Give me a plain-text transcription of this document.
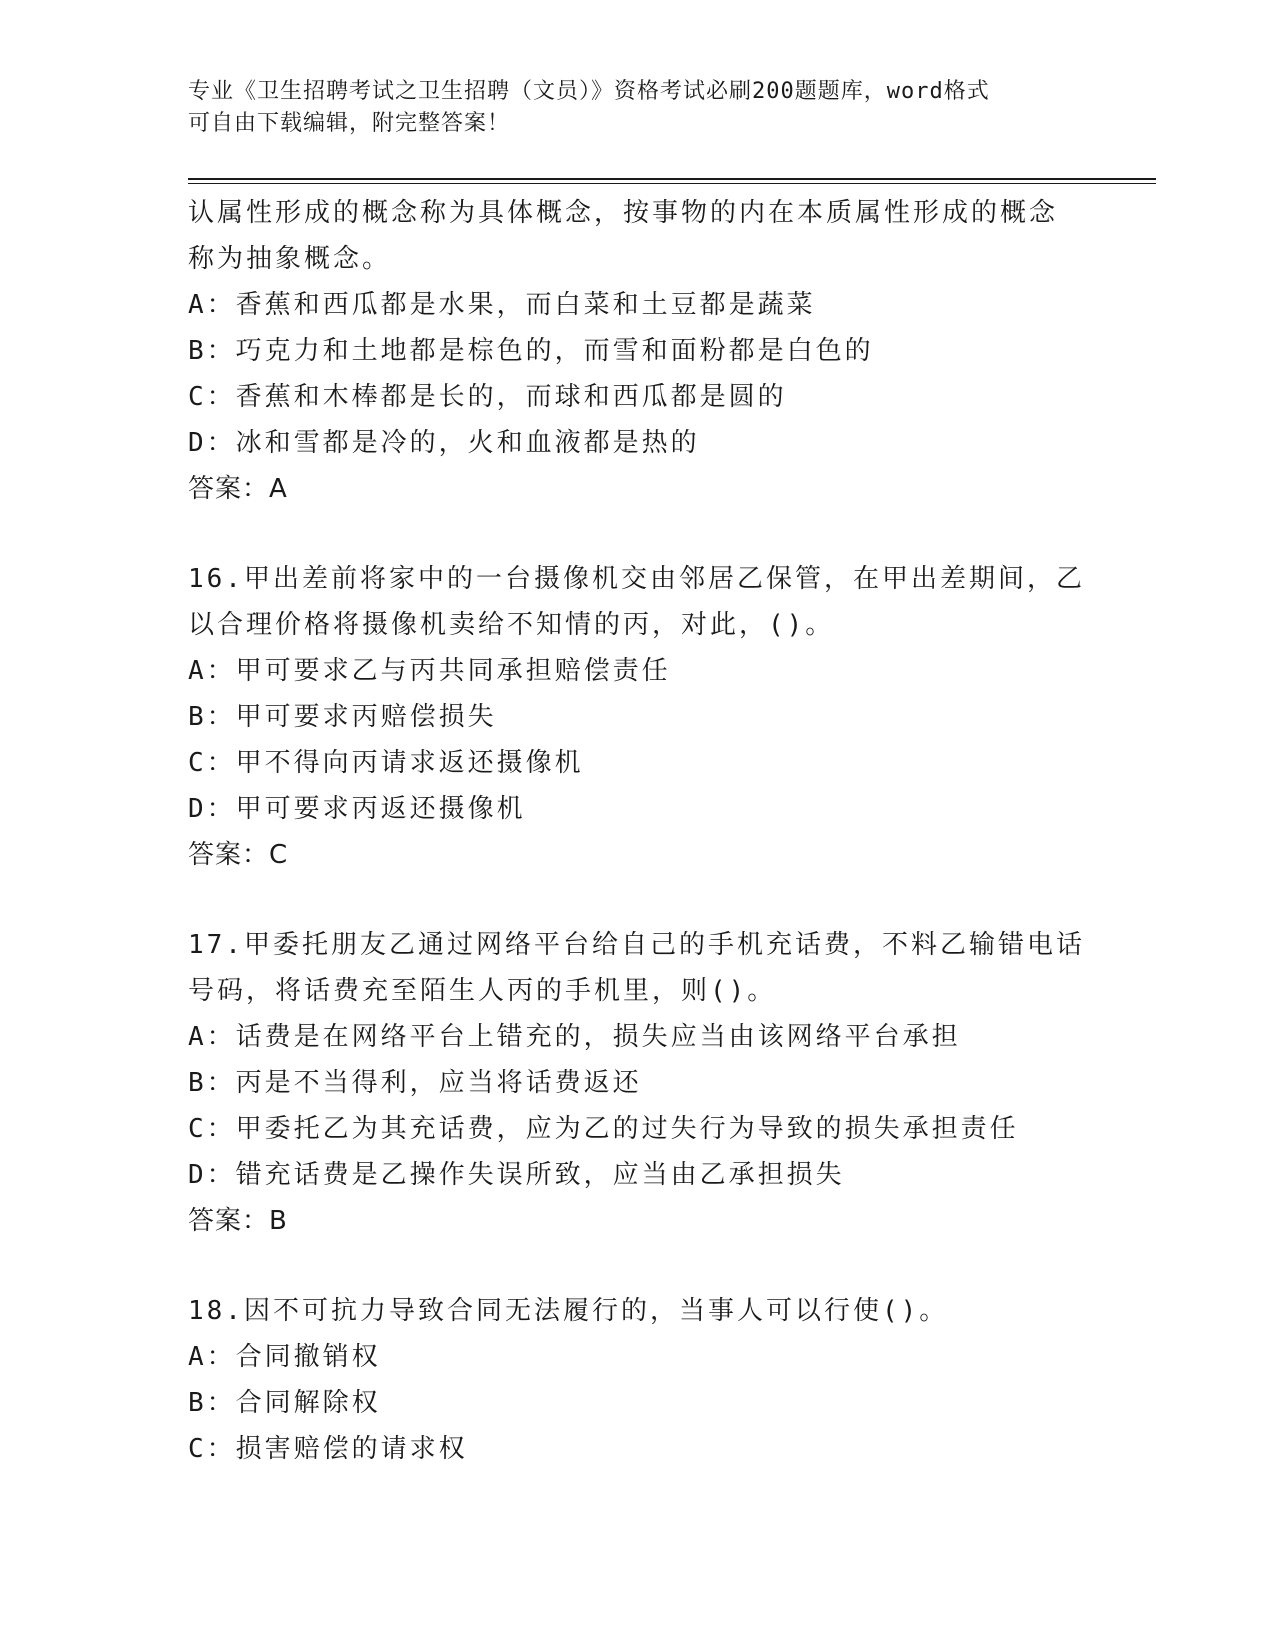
专业《卫生招聘考试之卫生招聘（文员）》资格考试必刷200题题库，word格式
可自由下载编辑，附完整答案！
认属性形成的概念称为具体概念，按事物的内在本质属性形成的概念
称为抽象概念。
A：香蕉和西瓜都是水果，而白菜和土豆都是蔬菜
B：巧克力和土地都是棕色的，而雪和面粉都是白色的
C：香蕉和木棒都是长的，而球和西瓜都是圆的
D：冰和雪都是冷的，火和血液都是热的
答案：A
16.甲出差前将家中的一台摄像机交由邻居乙保管，在甲出差期间，乙
以合理价格将摄像机卖给不知情的丙，对此，()。
A：甲可要求乙与丙共同承担赔偿责任
B：甲可要求丙赔偿损失
C：甲不得向丙请求返还摄像机
D：甲可要求丙返还摄像机
答案：C
17.甲委托朋友乙通过网络平台给自己的手机充话费，不料乙输错电话
号码，将话费充至陌生人丙的手机里，则()。
A：话费是在网络平台上错充的，损失应当由该网络平台承担
B：丙是不当得利，应当将话费返还
C：甲委托乙为其充话费，应为乙的过失行为导致的损失承担责任
D：错充话费是乙操作失误所致，应当由乙承担损失
答案：B
18.因不可抗力导致合同无法履行的，当事人可以行使()。
A：合同撤销权
B：合同解除权
C：损害赔偿的请求权
